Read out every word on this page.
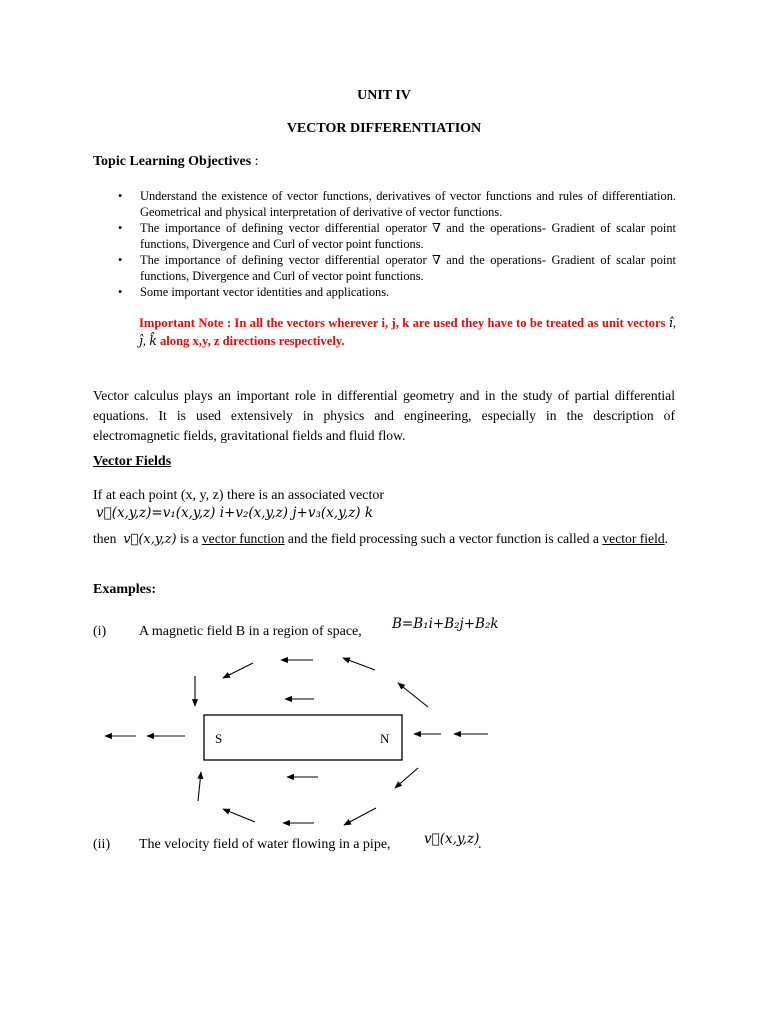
UNIT IV
VECTOR DIFFERENTIATION
Topic Learning Objectives :
• Understand the existence of vector functions, derivatives of vector functions and rules of differentiation. Geometrical and physical interpretation of derivative of vector functions.
• The importance of defining vector differential operator ∇ and the operations- Gradient of scalar point functions, Divergence and Curl of vector point functions.
• The importance of defining vector differential operator ∇ and the operations- Gradient of scalar point functions, Divergence and Curl of vector point functions.
• Some important vector identities and applications.
Important Note : In all the vectors wherever i, j, k are used they have to be treated as unit vectors î, ĵ, k̂ along x,y, z directions respectively.
Vector calculus plays an important role in differential geometry and in the study of partial differential equations. It is used extensively in physics and engineering, especially in the description of electromagnetic fields, gravitational fields and fluid flow.
Vector Fields
If at each point (x, y, z) there is an associated vector
v⃗(x,y,z)=v₁(x,y,z) i+v₂(x,y,z) j+v₃(x,y,z) k
then v⃗(x,y,z) is a vector function and the field processing such a vector function is called a vector field.
Examples:
(i) A magnetic field B in a region of space, B=B₁i+B₂j+B₂k
S	N
(ii) The velocity field of water flowing in a pipe, v⃗(x,y,z)
.
